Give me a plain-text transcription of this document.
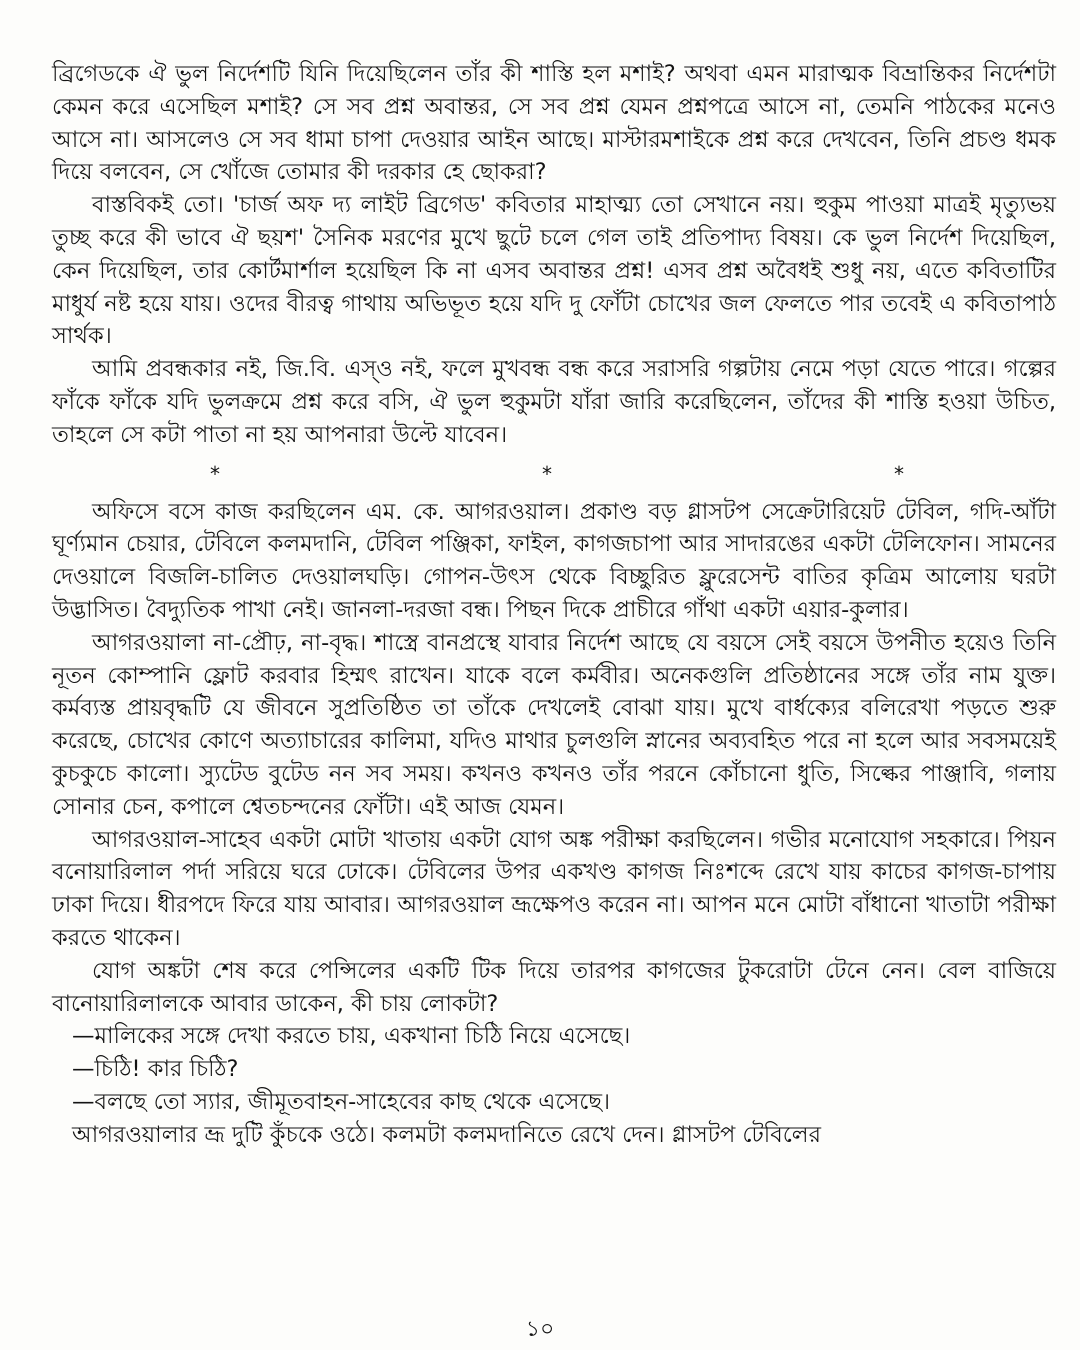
ব্রিগেডকে ঐ ভুল নির্দেশটি যিনি দিয়েছিলেন তাঁর কী শাস্তি হল মশাই? অথবা এমন মারাত্মক বিভ্রান্তিকর নির্দেশটা কেমন করে এসেছিল মশাই? সে সব প্রশ্ন অবান্তর, সে সব প্রশ্ন যেমন প্রশ্নপত্রে আসে না, তেমনি পাঠকের মনেও আসে না। আসলেও সে সব ধামা চাপা দেওয়ার আইন আছে। মাস্টারমশাইকে প্রশ্ন করে দেখবেন, তিনি প্রচণ্ড ধমক দিয়ে বলবেন, সে খোঁজে তোমার কী দরকার হে ছোকরা?

বাস্তবিকই তো। 'চার্জ অফ দ্য লাইট ব্রিগেড' কবিতার মাহাত্ম্য তো সেখানে নয়। হুকুম পাওয়া মাত্রই মৃত্যুভয় তুচ্ছ করে কী ভাবে ঐ ছয়শ' সৈনিক মরণের মুখে ছুটে চলে গেল তাই প্রতিপাদ্য বিষয়। কে ভুল নির্দেশ দিয়েছিল, কেন দিয়েছিল, তার কোর্টমার্শাল হয়েছিল কি না এসব অবান্তর প্রশ্ন! এসব প্রশ্ন অবৈধই শুধু নয়, এতে কবিতাটির মাধুর্য নষ্ট হয়ে যায়। ওদের বীরত্ব গাথায় অভিভূত হয়ে যদি দু ফোঁটা চোখের জল ফেলতে পার তবেই এ কবিতাপাঠ সার্থক।

আমি প্রবন্ধকার নই, জি.বি. এস্‌ও নই, ফলে মুখবন্ধ বন্ধ করে সরাসরি গল্পটায় নেমে পড়া যেতে পারে। গল্পের ফাঁকে ফাঁকে যদি ভুলক্রমে প্রশ্ন করে বসি, ঐ ভুল হুকুমটা যাঁরা জারি করেছিলেন, তাঁদের কী শাস্তি হওয়া উচিত, তাহলে সে কটা পাতা না হয় আপনারা উল্টে যাবেন।

*	*	*

অফিসে বসে কাজ করছিলেন এম. কে. আগরওয়াল। প্রকাণ্ড বড় গ্লাসটপ সেক্রেটারিয়েট টেবিল, গদি-আঁটা ঘূর্ণ্যমান চেয়ার, টেবিলে কলমদানি, টেবিল পঞ্জিকা, ফাইল, কাগজচাপা আর সাদারঙের একটা টেলিফোন। সামনের দেওয়ালে বিজলি-চালিত দেওয়ালঘড়ি। গোপন-উৎস থেকে বিচ্ছুরিত ফ্লুরেসেন্ট বাতির কৃত্রিম আলোয় ঘরটা উদ্ভাসিত। বৈদ্যুতিক পাখা নেই। জানলা-দরজা বন্ধ। পিছন দিকে প্রাচীরে গাঁথা একটা এয়ার-কুলার।

আগরওয়ালা না-প্রৌঢ়, না-বৃদ্ধ। শাস্ত্রে বানপ্রস্থে যাবার নির্দেশ আছে যে বয়সে সেই বয়সে উপনীত হয়েও তিনি নূতন কোম্পানি ফ্লোট করবার হিম্মৎ রাখেন। যাকে বলে কর্মবীর। অনেকগুলি প্রতিষ্ঠানের সঙ্গে তাঁর নাম যুক্ত। কর্মব্যস্ত প্রায়বৃদ্ধটি যে জীবনে সুপ্রতিষ্ঠিত তা তাঁকে দেখলেই বোঝা যায়। মুখে বার্ধক্যের বলিরেখা পড়তে শুরু করেছে, চোখের কোণে অত্যাচারের কালিমা, যদিও মাথার চুলগুলি স্নানের অব্যবহিত পরে না হলে আর সবসময়েই কুচকুচে কালো। স্যুটেড বুটেড নন সব সময়। কখনও কখনও তাঁর পরনে কোঁচানো ধুতি, সিল্কের পাঞ্জাবি, গলায় সোনার চেন, কপালে শ্বেতচন্দনের ফোঁটা। এই আজ যেমন।

আগরওয়াল-সাহেব একটা মোটা খাতায় একটা যোগ অঙ্ক পরীক্ষা করছিলেন। গভীর মনোযোগ সহকারে। পিয়ন বনোয়ারিলাল পর্দা সরিয়ে ঘরে ঢোকে। টেবিলের উপর একখণ্ড কাগজ নিঃশব্দে রেখে যায় কাচের কাগজ-চাপায় ঢাকা দিয়ে। ধীরপদে ফিরে যায় আবার। আগরওয়াল ভ্রূক্ষেপও করেন না। আপন মনে মোটা বাঁধানো খাতাটা পরীক্ষা করতে থাকেন।

যোগ অঙ্কটা শেষ করে পেন্সিলের একটি টিক দিয়ে তারপর কাগজের টুকরোটা টেনে নেন। বেল বাজিয়ে বানোয়ারিলালকে আবার ডাকেন, কী চায় লোকটা?

—মালিকের সঙ্গে দেখা করতে চায়, একখানা চিঠি নিয়ে এসেছে।

—চিঠি! কার চিঠি?

—বলছে তো স্যার, জীমূতবাহন-সাহেবের কাছ থেকে এসেছে।

আগরওয়ালার ভ্রূ দুটি কুঁচকে ওঠে। কলমটা কলমদানিতে রেখে দেন। গ্লাসটপ টেবিলের

১০
